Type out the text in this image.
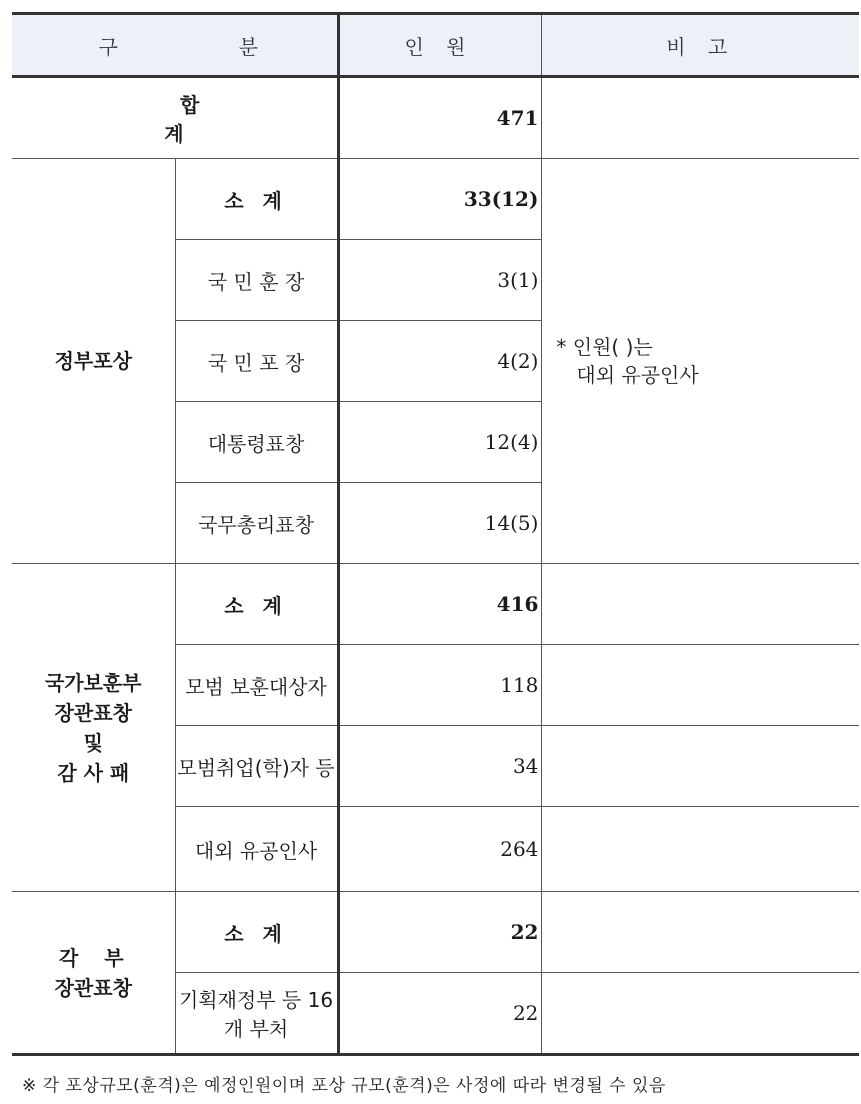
구 분		인 원	비 고
합계		471	
정부포상	소 계	33(12)	* 인원( )는
대외 유공인사

	국 민 훈 장	3(1)	
	국 민 포 장	4(2)	
	대통령표창	12(4)	
	국무총리표창	14(5)	

국가보훈부
장관표창
및
감 사 패	소 계	416	
	모범 보훈대상자	118	
	모범취업(학)자 등	34	
	대외 유공인사	264	

각  부
장관표창	소 계	22	
	기획재정부 등 16개 부처	22	
※ 각 포상규모(훈격)은 예정인원이며 포상 규모(훈격)은 사정에 따라 변경될 수 있음
